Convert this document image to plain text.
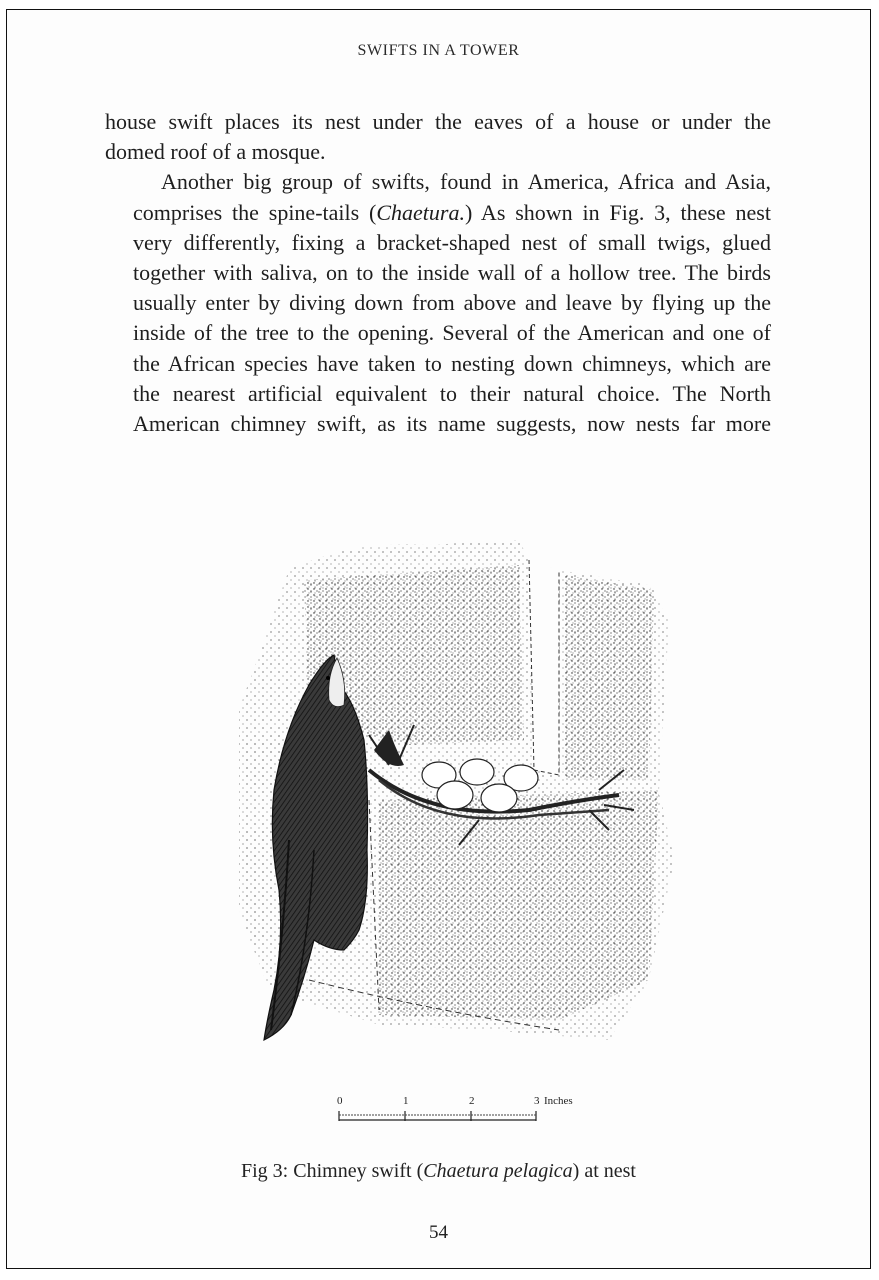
SWIFTS IN A TOWER

house swift places its nest under the eaves of a house or under the
domed roof of a mosque.

Another big group of swifts, found in America, Africa and Asia,
comprises the spine-tails (Chaetura.) As shown in Fig. 3, these nest
very differently, fixing a bracket-shaped nest of small twigs, glued
together with saliva, on to the inside wall of a hollow tree. The birds
usually enter by diving down from above and leave by flying up the
inside of the tree to the opening. Several of the American and one of
the African species have taken to nesting down chimneys, which are
the nearest artificial equivalent to their natural choice. The North
American chimney swift, as its name suggests, now nests far more

0	1	2	3 Inches
Fig 3: Chimney swift (Chaetura pelagica) at nest
54
